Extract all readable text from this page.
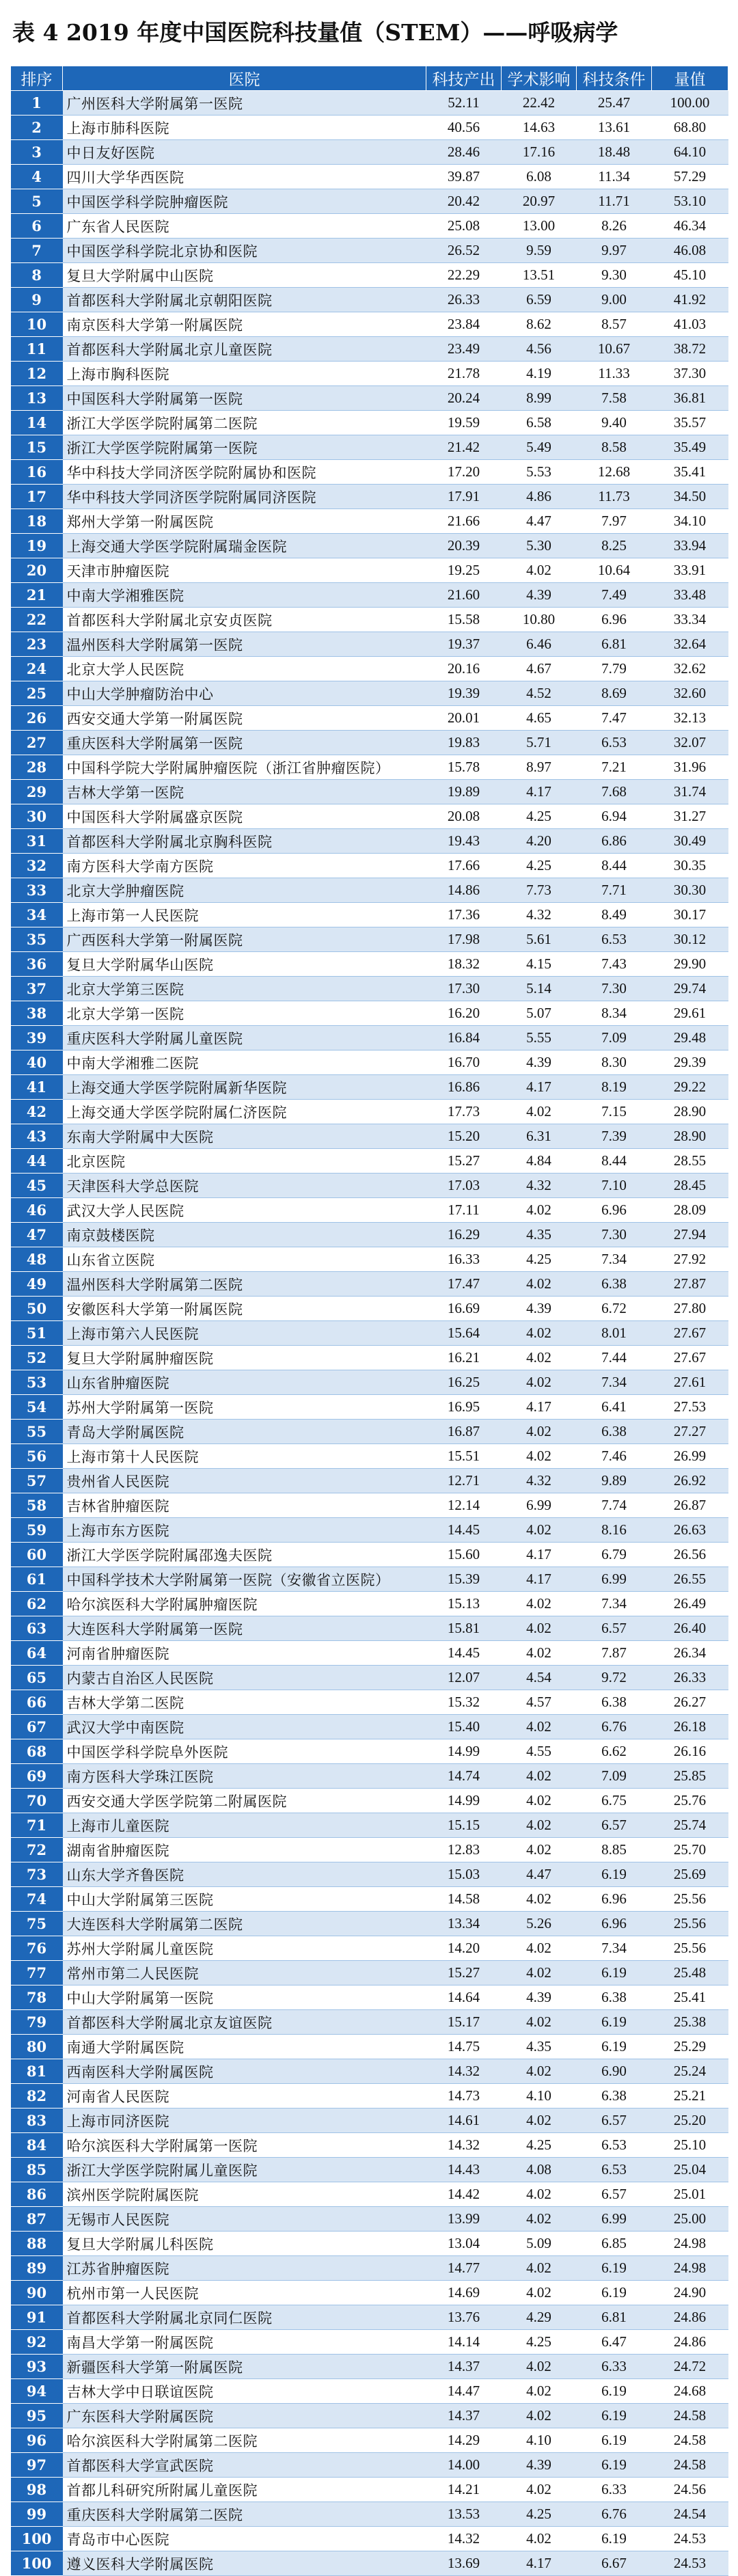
表 4 2019 年度中国医院科技量值（STEM）——呼吸病学
排序	医院	科技产出	学术影响	科技条件	量值
1	广州医科大学附属第一医院	52.11	22.42	25.47	100.00
2	上海市肺科医院	40.56	14.63	13.61	68.80
3	中日友好医院	28.46	17.16	18.48	64.10
4	四川大学华西医院	39.87	6.08	11.34	57.29
5	中国医学科学院肿瘤医院	20.42	20.97	11.71	53.10
6	广东省人民医院	25.08	13.00	8.26	46.34
7	中国医学科学院北京协和医院	26.52	9.59	9.97	46.08
8	复旦大学附属中山医院	22.29	13.51	9.30	45.10
9	首都医科大学附属北京朝阳医院	26.33	6.59	9.00	41.92
10	南京医科大学第一附属医院	23.84	8.62	8.57	41.03
11	首都医科大学附属北京儿童医院	23.49	4.56	10.67	38.72
12	上海市胸科医院	21.78	4.19	11.33	37.30
13	中国医科大学附属第一医院	20.24	8.99	7.58	36.81
14	浙江大学医学院附属第二医院	19.59	6.58	9.40	35.57
15	浙江大学医学院附属第一医院	21.42	5.49	8.58	35.49
16	华中科技大学同济医学院附属协和医院	17.20	5.53	12.68	35.41
17	华中科技大学同济医学院附属同济医院	17.91	4.86	11.73	34.50
18	郑州大学第一附属医院	21.66	4.47	7.97	34.10
19	上海交通大学医学院附属瑞金医院	20.39	5.30	8.25	33.94
20	天津市肿瘤医院	19.25	4.02	10.64	33.91
21	中南大学湘雅医院	21.60	4.39	7.49	33.48
22	首都医科大学附属北京安贞医院	15.58	10.80	6.96	33.34
23	温州医科大学附属第一医院	19.37	6.46	6.81	32.64
24	北京大学人民医院	20.16	4.67	7.79	32.62
25	中山大学肿瘤防治中心	19.39	4.52	8.69	32.60
26	西安交通大学第一附属医院	20.01	4.65	7.47	32.13
27	重庆医科大学附属第一医院	19.83	5.71	6.53	32.07
28	中国科学院大学附属肿瘤医院（浙江省肿瘤医院）	15.78	8.97	7.21	31.96
29	吉林大学第一医院	19.89	4.17	7.68	31.74
30	中国医科大学附属盛京医院	20.08	4.25	6.94	31.27
31	首都医科大学附属北京胸科医院	19.43	4.20	6.86	30.49
32	南方医科大学南方医院	17.66	4.25	8.44	30.35
33	北京大学肿瘤医院	14.86	7.73	7.71	30.30
34	上海市第一人民医院	17.36	4.32	8.49	30.17
35	广西医科大学第一附属医院	17.98	5.61	6.53	30.12
36	复旦大学附属华山医院	18.32	4.15	7.43	29.90
37	北京大学第三医院	17.30	5.14	7.30	29.74
38	北京大学第一医院	16.20	5.07	8.34	29.61
39	重庆医科大学附属儿童医院	16.84	5.55	7.09	29.48
40	中南大学湘雅二医院	16.70	4.39	8.30	29.39
41	上海交通大学医学院附属新华医院	16.86	4.17	8.19	29.22
42	上海交通大学医学院附属仁济医院	17.73	4.02	7.15	28.90
43	东南大学附属中大医院	15.20	6.31	7.39	28.90
44	北京医院	15.27	4.84	8.44	28.55
45	天津医科大学总医院	17.03	4.32	7.10	28.45
46	武汉大学人民医院	17.11	4.02	6.96	28.09
47	南京鼓楼医院	16.29	4.35	7.30	27.94
48	山东省立医院	16.33	4.25	7.34	27.92
49	温州医科大学附属第二医院	17.47	4.02	6.38	27.87
50	安徽医科大学第一附属医院	16.69	4.39	6.72	27.80
51	上海市第六人民医院	15.64	4.02	8.01	27.67
52	复旦大学附属肿瘤医院	16.21	4.02	7.44	27.67
53	山东省肿瘤医院	16.25	4.02	7.34	27.61
54	苏州大学附属第一医院	16.95	4.17	6.41	27.53
55	青岛大学附属医院	16.87	4.02	6.38	27.27
56	上海市第十人民医院	15.51	4.02	7.46	26.99
57	贵州省人民医院	12.71	4.32	9.89	26.92
58	吉林省肿瘤医院	12.14	6.99	7.74	26.87
59	上海市东方医院	14.45	4.02	8.16	26.63
60	浙江大学医学院附属邵逸夫医院	15.60	4.17	6.79	26.56
61	中国科学技术大学附属第一医院（安徽省立医院）	15.39	4.17	6.99	26.55
62	哈尔滨医科大学附属肿瘤医院	15.13	4.02	7.34	26.49
63	大连医科大学附属第一医院	15.81	4.02	6.57	26.40
64	河南省肿瘤医院	14.45	4.02	7.87	26.34
65	内蒙古自治区人民医院	12.07	4.54	9.72	26.33
66	吉林大学第二医院	15.32	4.57	6.38	26.27
67	武汉大学中南医院	15.40	4.02	6.76	26.18
68	中国医学科学院阜外医院	14.99	4.55	6.62	26.16
69	南方医科大学珠江医院	14.74	4.02	7.09	25.85
70	西安交通大学医学院第二附属医院	14.99	4.02	6.75	25.76
71	上海市儿童医院	15.15	4.02	6.57	25.74
72	湖南省肿瘤医院	12.83	4.02	8.85	25.70
73	山东大学齐鲁医院	15.03	4.47	6.19	25.69
74	中山大学附属第三医院	14.58	4.02	6.96	25.56
75	大连医科大学附属第二医院	13.34	5.26	6.96	25.56
76	苏州大学附属儿童医院	14.20	4.02	7.34	25.56
77	常州市第二人民医院	15.27	4.02	6.19	25.48
78	中山大学附属第一医院	14.64	4.39	6.38	25.41
79	首都医科大学附属北京友谊医院	15.17	4.02	6.19	25.38
80	南通大学附属医院	14.75	4.35	6.19	25.29
81	西南医科大学附属医院	14.32	4.02	6.90	25.24
82	河南省人民医院	14.73	4.10	6.38	25.21
83	上海市同济医院	14.61	4.02	6.57	25.20
84	哈尔滨医科大学附属第一医院	14.32	4.25	6.53	25.10
85	浙江大学医学院附属儿童医院	14.43	4.08	6.53	25.04
86	滨州医学院附属医院	14.42	4.02	6.57	25.01
87	无锡市人民医院	13.99	4.02	6.99	25.00
88	复旦大学附属儿科医院	13.04	5.09	6.85	24.98
89	江苏省肿瘤医院	14.77	4.02	6.19	24.98
90	杭州市第一人民医院	14.69	4.02	6.19	24.90
91	首都医科大学附属北京同仁医院	13.76	4.29	6.81	24.86
92	南昌大学第一附属医院	14.14	4.25	6.47	24.86
93	新疆医科大学第一附属医院	14.37	4.02	6.33	24.72
94	吉林大学中日联谊医院	14.47	4.02	6.19	24.68
95	广东医科大学附属医院	14.37	4.02	6.19	24.58
96	哈尔滨医科大学附属第二医院	14.29	4.10	6.19	24.58
97	首都医科大学宣武医院	14.00	4.39	6.19	24.58
98	首都儿科研究所附属儿童医院	14.21	4.02	6.33	24.56
99	重庆医科大学附属第二医院	13.53	4.25	6.76	24.54
100	青岛市中心医院	14.32	4.02	6.19	24.53
100	遵义医科大学附属医院	13.69	4.17	6.67	24.53
